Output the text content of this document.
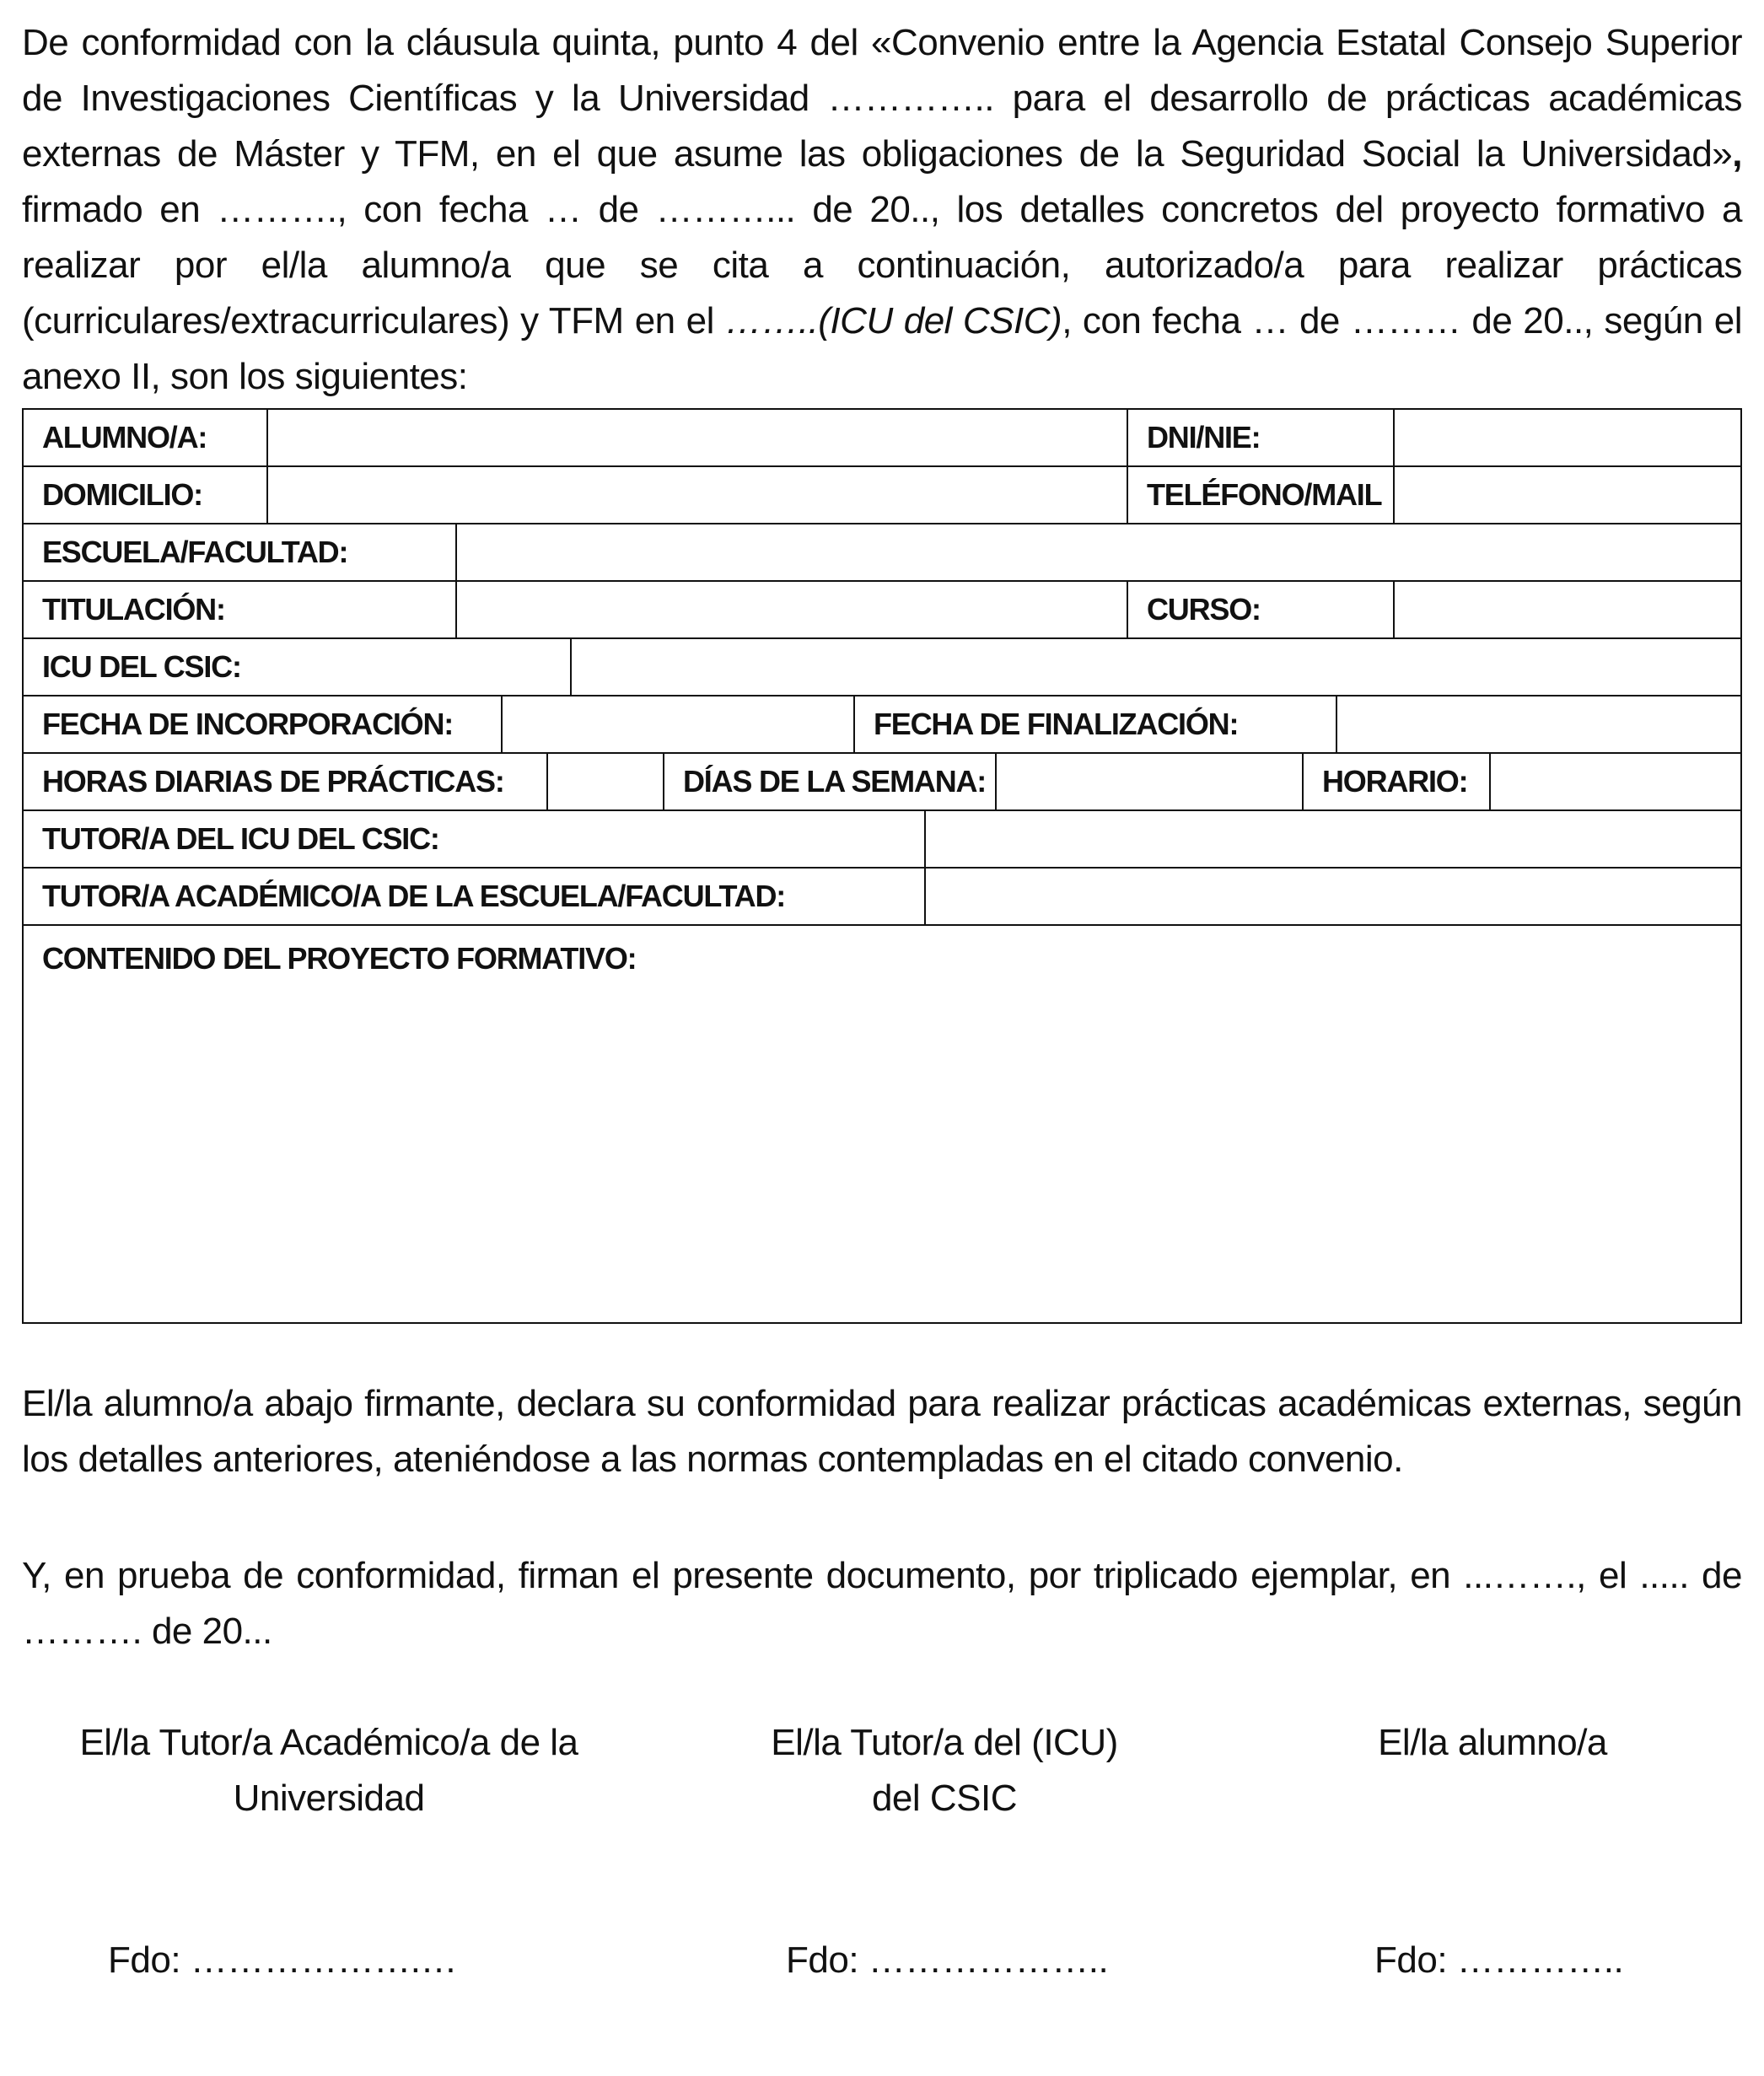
De conformidad con la cláusula quinta, punto 4 del «Convenio entre la Agencia Estatal Consejo Superior de Investigaciones Científicas y la Universidad ………….. para el desarrollo de prácticas académicas externas de Máster y TFM, en el que asume las obligaciones de la Seguridad Social la Universidad», firmado en ………., con fecha … de ………... de 20.., los detalles concretos del proyecto formativo a realizar por el/la alumno/a que se cita a continuación, autorizado/a para realizar prácticas (curriculares/extracurriculares) y TFM en el ……..(ICU del CSIC), con fecha … de ……… de 20.., según el anexo II, son los siguientes:

ALUMNO/A:	DNI/NIE:
DOMICILIO:	TELÉFONO/MAIL
ESCUELA/FACULTAD:
TITULACIÓN:	CURSO:
ICU DEL CSIC:
FECHA DE INCORPORACIÓN:	FECHA DE FINALIZACIÓN:
HORAS DIARIAS DE PRÁCTICAS:	DÍAS DE LA SEMANA:	HORARIO:
TUTOR/A DEL ICU DEL CSIC:
TUTOR/A ACADÉMICO/A DE LA ESCUELA/FACULTAD:
CONTENIDO DEL PROYECTO FORMATIVO:

El/la alumno/a abajo firmante, declara su conformidad para realizar prácticas académicas externas, según los detalles anteriores, ateniéndose a las normas contempladas en el citado convenio.

Y, en prueba de conformidad, firman el presente documento, por triplicado ejemplar, en ...……., el ..... de ………. de 20...

El/la Tutor/a Académico/a de la
Universidad
El/la Tutor/a del (ICU)
del CSIC
El/la alumno/a
Fdo: ……………….…	Fdo: ………………..	Fdo: …………..
